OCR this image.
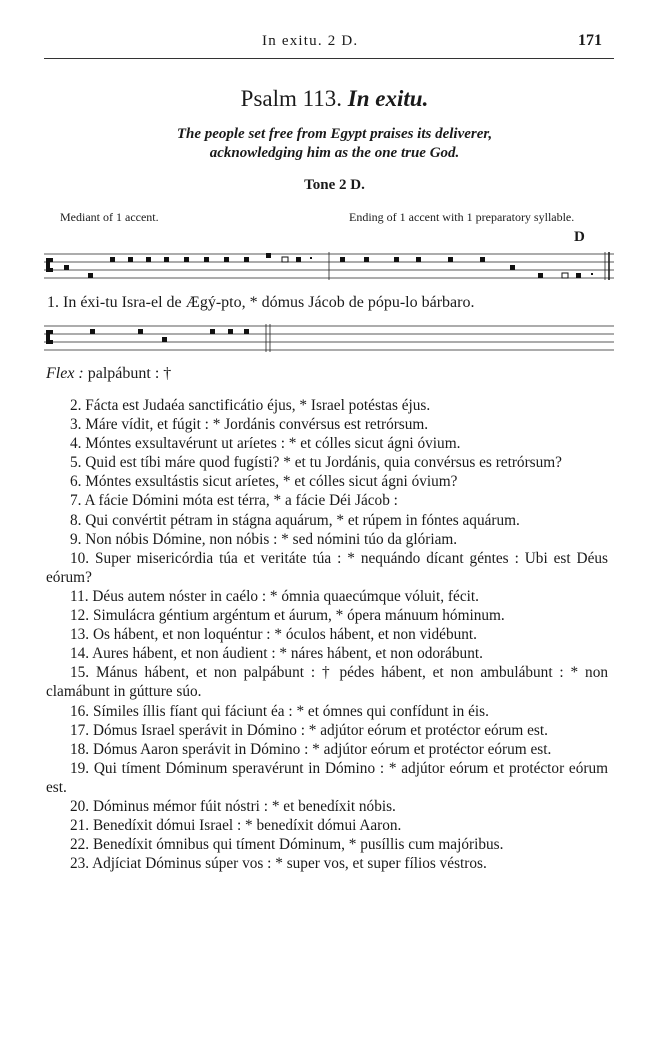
In exitu. 2 D.	171
Psalm 113. In exitu.
The people set free from Egypt praises its deliverer,
acknowledging him as the one true God.
Tone 2 D.
Mediant of 1 accent.	Ending of 1 accent with 1 preparatory syllable.
D
1. In éxi-tu Isra-el de Ægý-pto, * dómus Jácob de pópu-lo bárbaro.
Flex : palpábunt : †

2. Fácta est Judaéa sanctificátio éjus, * Israel potéstas éjus.

3. Máre vídit, et fúgit : * Jordánis convérsus est retrórsum.

4. Móntes exsultavérunt ut aríetes : * et cólles sicut ágni óvium.

5. Quid est tíbi máre quod fugísti? * et tu Jordánis, quia convérsus es retrórsum?

6. Móntes exsultástis sicut aríetes, * et cólles sicut ágni óvium?

7. A fácie Dómini móta est térra, * a fácie Déi Jácob :

8. Qui convértit pétram in stágna aquárum, * et rúpem in fóntes aquárum.

9. Non nóbis Dómine, non nóbis : * sed nómini túo da glóriam.

10. Super misericórdia túa et veritáte túa : * nequándo dícant géntes : Ubi est Déus eórum?

11. Déus autem nóster in caélo : * ómnia quaecúmque vóluit, fécit.

12. Simulácra géntium argéntum et áurum, * ópera mánuum hóminum.

13. Os hábent, et non loquéntur : * óculos hábent, et non vidébunt.

14. Aures hábent, et non áudient : * náres hábent, et non odorábunt.

15. Mánus hábent, et non palpábunt : † pédes hábent, et non ambulábunt : * non clamábunt in gútture súo.

16. Símiles íllis fíant qui fáciunt éa : * et ómnes qui confídunt in éis.

17. Dómus Israel sperávit in Dómino : * adjútor eórum et protéctor eórum est.

18. Dómus Aaron sperávit in Dómino : * adjútor eórum et protéctor eórum est.

19. Qui tíment Dóminum speravérunt in Dómino : * adjútor eórum et protéctor eórum est.

20. Dóminus mémor fúit nóstri : * et benedíxit nóbis.

21. Benedíxit dómui Israel : * benedíxit dómui Aaron.

22. Benedíxit ómnibus qui tíment Dóminum, * pusíllis cum majóribus.

23. Adjíciat Dóminus súper vos : * super vos, et super fílios véstros.
